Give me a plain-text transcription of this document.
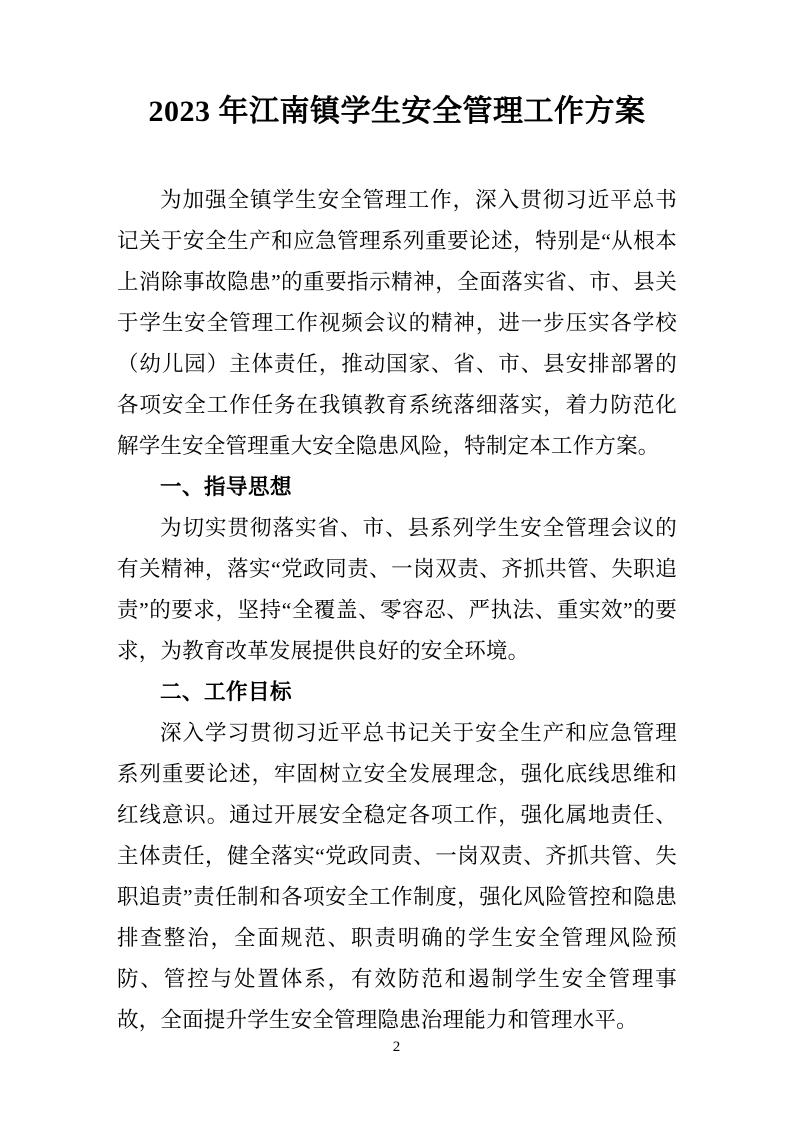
2023 年江南镇学生安全管理工作方案

为加强全镇学生安全管理工作，深入贯彻习近平总书记关于安全生产和应急管理系列重要论述，特别是“从根本上消除事故隐患”的重要指示精神，全面落实省、市、县关于学生安全管理工作视频会议的精神，进一步压实各学校（幼儿园）主体责任，推动国家、省、市、县安排部署的各项安全工作任务在我镇教育系统落细落实，着力防范化解学生安全管理重大安全隐患风险，特制定本工作方案。

一、指导思想

为切实贯彻落实省、市、县系列学生安全管理会议的有关精神，落实“党政同责、一岗双责、齐抓共管、失职追责”的要求，坚持“全覆盖、零容忍、严执法、重实效”的要求，为教育改革发展提供良好的安全环境。

二、工作目标

深入学习贯彻习近平总书记关于安全生产和应急管理系列重要论述，牢固树立安全发展理念，强化底线思维和红线意识。通过开展安全稳定各项工作，强化属地责任、主体责任，健全落实“党政同责、一岗双责、齐抓共管、失职追责”责任制和各项安全工作制度，强化风险管控和隐患排查整治，全面规范、职责明确的学生安全管理风险预防、管控与处置体系，有效防范和遏制学生安全管理事故，全面提升学生安全管理隐患治理能力和管理水平。

2
